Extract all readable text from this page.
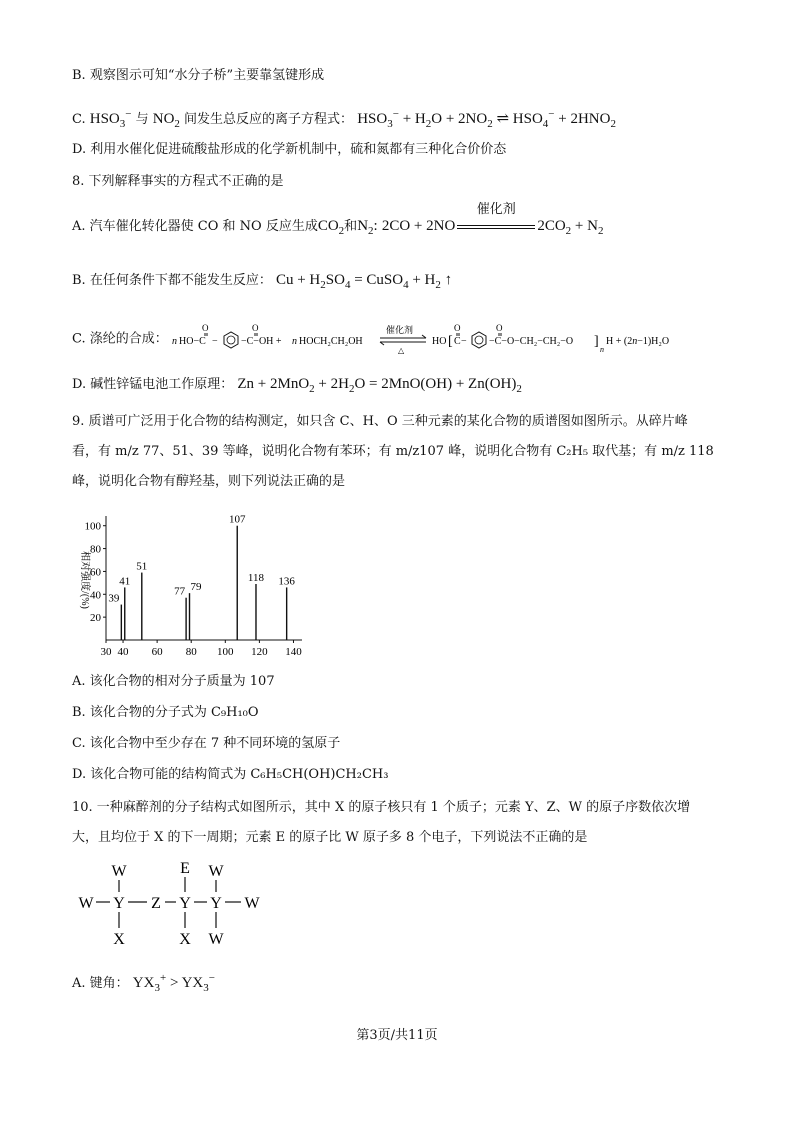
B. 观察图示可知“水分子桥”主要靠氢键形成
C. $HSO_3^-$ 与 $NO_2$ 间发生总反应的离子方程式： $HSO_3^- + H_2O + 2NO_2$ ⇌ $HSO_4^- + 2HNO_2$
D. 利用水催化促进硫酸盐形成的化学新机制中，硫和氮都有三种化合价价态
8. 下列解释事实的方程式不正确的是
A. 汽车催化转化器使 CO 和 NO 反应生成$CO_2$和$N_2$: 2CO + 2NO
催化剂
$2CO_2 + N_2$
B. 在任何条件下都不能发生反应： $Cu + H_2SO_4$ = CuSO$_4$ + $H_2$ ↑
C. 涤纶的合成： n HO−C
O
− −C−OH +
O
n HOCH₂CH₂OH
催化剂
△
HO [ C
O
− −C−O−CH₂−CH₂−O
O
]
n
H + (2n−1)H₂O
D. 碱性锌锰电池工作原理： $Zn + 2MnO_2 + 2H_2O = 2MnO(OH) + Zn(OH)_2$
9. 质谱可广泛用于化合物的结构测定，如只含 C、H、O 三种元素的某化合物的质谱图如图所示。从碎片峰
看，有 m/z 77、51、39 等峰，说明化合物有苯环；有 m/z107 峰，说明化合物有 C₂H₅ 取代基；有 m/z 118
峰，说明化合物有醇羟基，则下列说法正确的是
20
40
60
80
100
30 40 60 80 100 120 140
相对强度/(%) 39
41
51
77 79
107
118 136
A. 该化合物的相对分子质量为 107
B. 该化合物的分子式为 C₉H₁₀O
C. 该化合物中至少存在 7 种不同环境的氢原子
D. 该化合物可能的结构简式为 C₆H₅CH(OH)CH₂CH₃
10. 一种麻醉剂的分子结构式如图所示，其中 X 的原子核只有 1 个质子；元素 Y、Z、W 的原子序数依次增
大，且均位于 X 的下一周期；元素 E 的原子比 W 原子多 8 个电子，下列说法不正确的是
W	E W
W Y Z Y Y W
X	X W
A. 键角： $YX_3^+ > YX_3^-$
第3页/共11页
